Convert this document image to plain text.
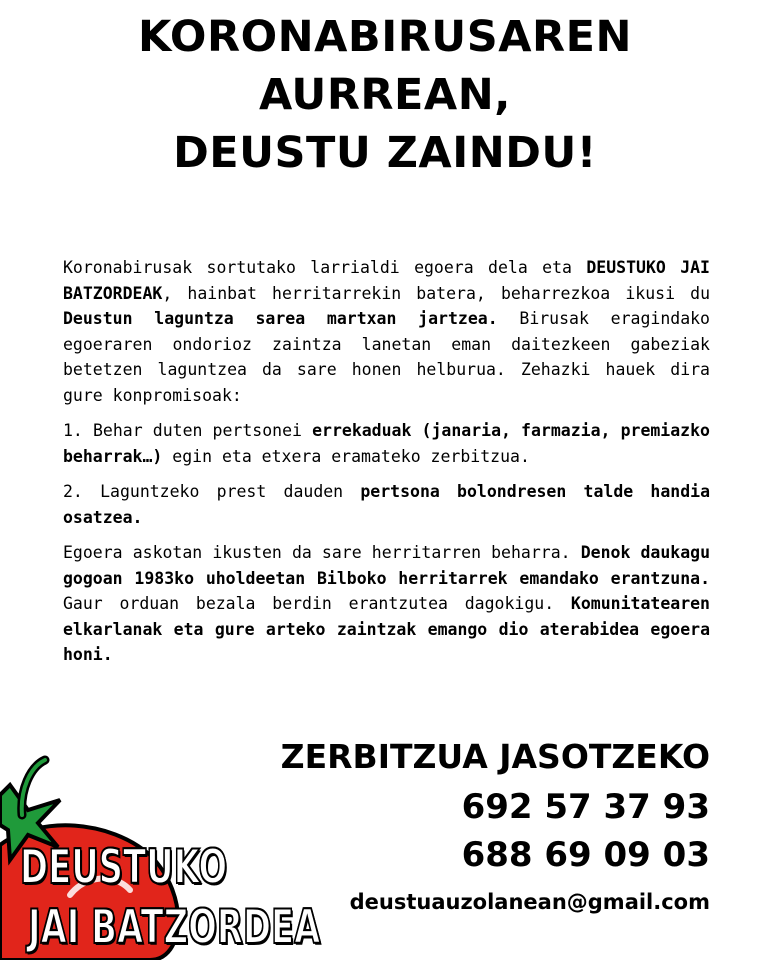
KORONABIRUSAREN
AURREAN,
DEUSTU ZAINDU!

Koronabirusak sortutako larrialdi egoera dela eta DEUSTUKO JAI BATZORDEAK, hainbat herritarrekin batera, beharrezkoa ikusi du Deustun laguntza sarea martxan jartzea. Birusak eragindako egoeraren ondorioz zaintza lanetan eman daitezkeen gabeziak betetzen laguntzea da sare honen helburua. Zehazki hauek dira gure konpromisoak:

1. Behar duten pertsonei errekaduak (janaria, farmazia, premiazko beharrak…) egin eta etxera eramateko zerbitzua.

2. Laguntzeko prest dauden pertsona bolondresen talde handia osatzea.

Egoera askotan ikusten da sare herritarren beharra. Denok daukagu gogoan 1983ko uholdeetan Bilboko herritarrek emandako erantzuna. Gaur orduan bezala berdin erantzutea dagokigu. Komunitatearen elkarlanak eta gure arteko zaintzak emango dio aterabidea egoera honi.

DEUSTUKO
JAI BATZORDEA
ZERBITZUA JASOTZEKO
692 57 37 93
688 69 09 03
deustuauzolanean@gmail.com
